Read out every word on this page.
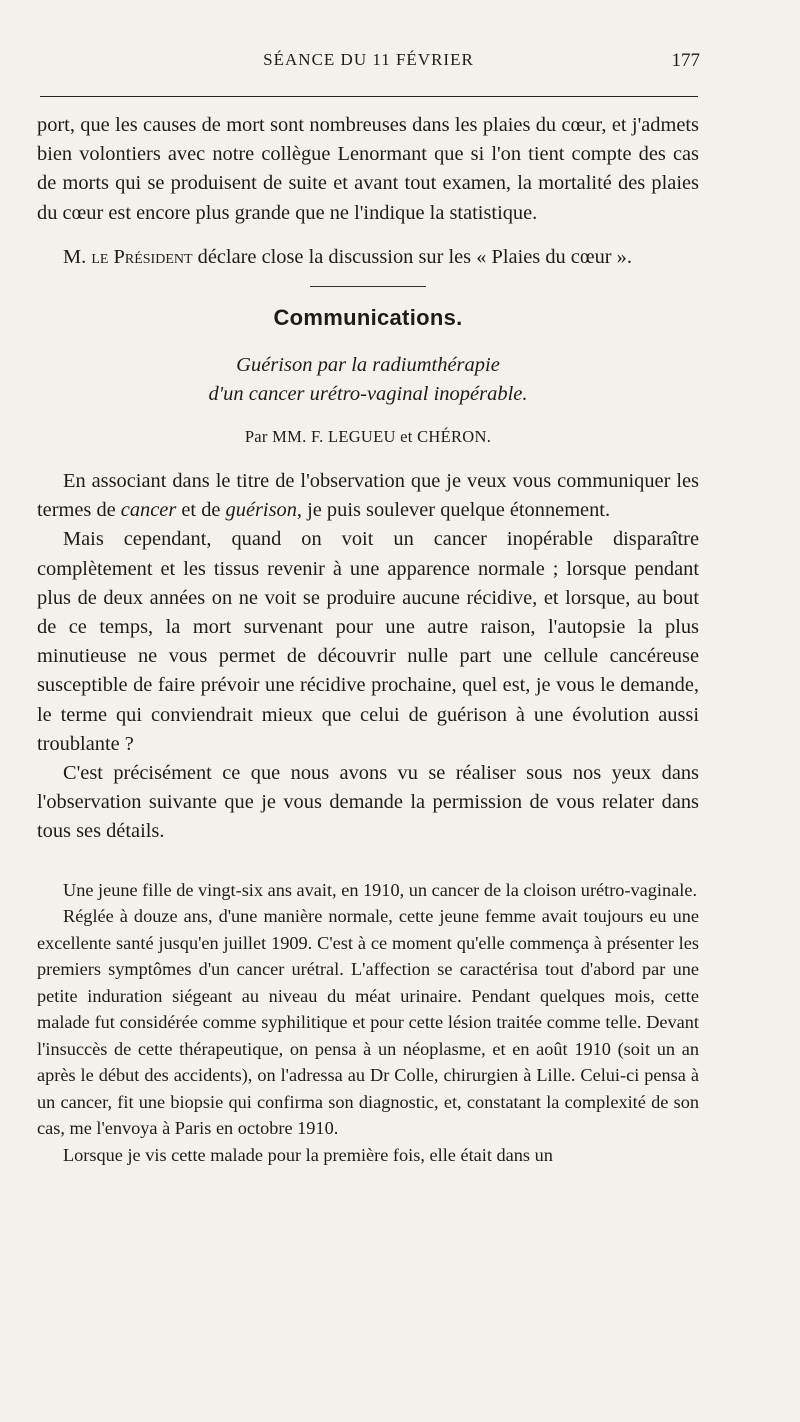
SÉANCE DU 11 FÉVRIER	177

port, que les causes de mort sont nombreuses dans les plaies du cœur, et j'admets bien volontiers avec notre collègue Lenormant que si l'on tient compte des cas de morts qui se produisent de suite et avant tout examen, la mortalité des plaies du cœur est encore plus grande que ne l'indique la statistique.

M. le Président déclare close la discussion sur les « Plaies du cœur ».

Communications.
Guérison par la radiumthérapie
d'un cancer urétro-vaginal inopérable.
Par MM. F. LEGUEU et CHÉRON.

En associant dans le titre de l'observation que je veux vous communiquer les termes de cancer et de guérison, je puis soulever quelque étonnement.

Mais cependant, quand on voit un cancer inopérable disparaître complètement et les tissus revenir à une apparence normale ; lorsque pendant plus de deux années on ne voit se produire aucune récidive, et lorsque, au bout de ce temps, la mort survenant pour une autre raison, l'autopsie la plus minutieuse ne vous permet de découvrir nulle part une cellule cancéreuse susceptible de faire prévoir une récidive prochaine, quel est, je vous le demande, le terme qui conviendrait mieux que celui de guérison à une évolution aussi troublante ?

C'est précisément ce que nous avons vu se réaliser sous nos yeux dans l'observation suivante que je vous demande la permission de vous relater dans tous ses détails.

Une jeune fille de vingt-six ans avait, en 1910, un cancer de la cloison urétro-vaginale.

Réglée à douze ans, d'une manière normale, cette jeune femme avait toujours eu une excellente santé jusqu'en juillet 1909. C'est à ce moment qu'elle commença à présenter les premiers symptômes d'un cancer urétral. L'affection se caractérisa tout d'abord par une petite induration siégeant au niveau du méat urinaire. Pendant quelques mois, cette malade fut considérée comme syphilitique et pour cette lésion traitée comme telle. Devant l'insuccès de cette thérapeutique, on pensa à un néoplasme, et en août 1910 (soit un an après le début des accidents), on l'adressa au Dr Colle, chirurgien à Lille. Celui-ci pensa à un cancer, fit une biopsie qui confirma son diagnostic, et, constatant la complexité de son cas, me l'envoya à Paris en octobre 1910.

Lorsque je vis cette malade pour la première fois, elle était dans un
